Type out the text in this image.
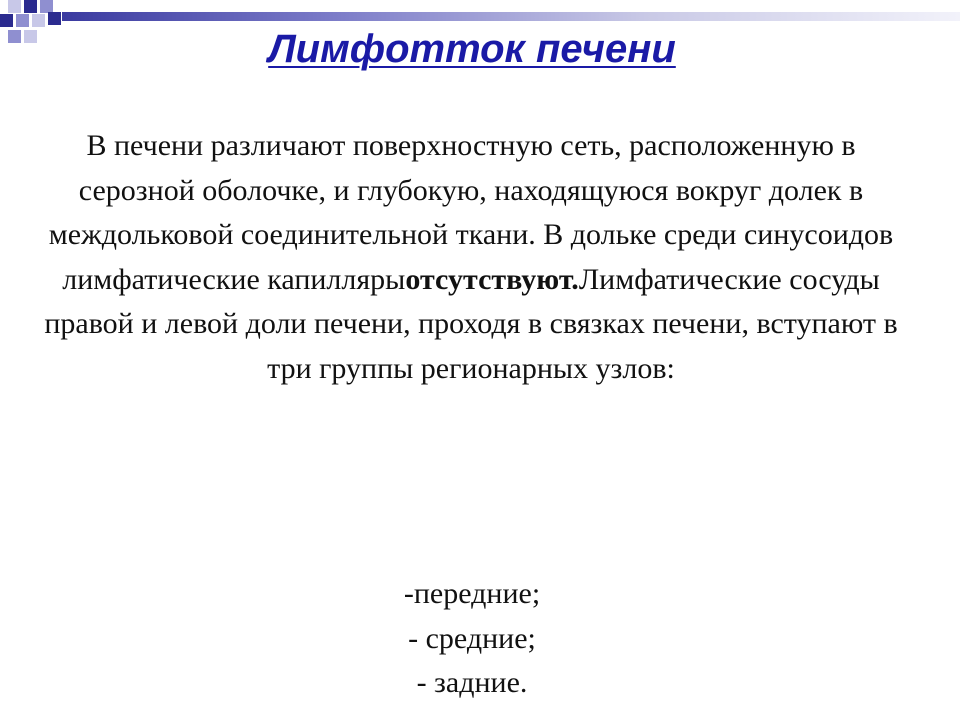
Лимфотток печени

В печени различают поверхностную сеть, расположенную в серозной оболочке, и глубокую, находящуюся вокруг долек в междольковой соединительной ткани. В дольке среди синусоидов лимфатические капиллярыотсутствуют.Лимфатические сосуды правой и левой доли печени, проходя в связках печени, вступают в три группы регионарных узлов:

-передние;
- средние;
- задние.
